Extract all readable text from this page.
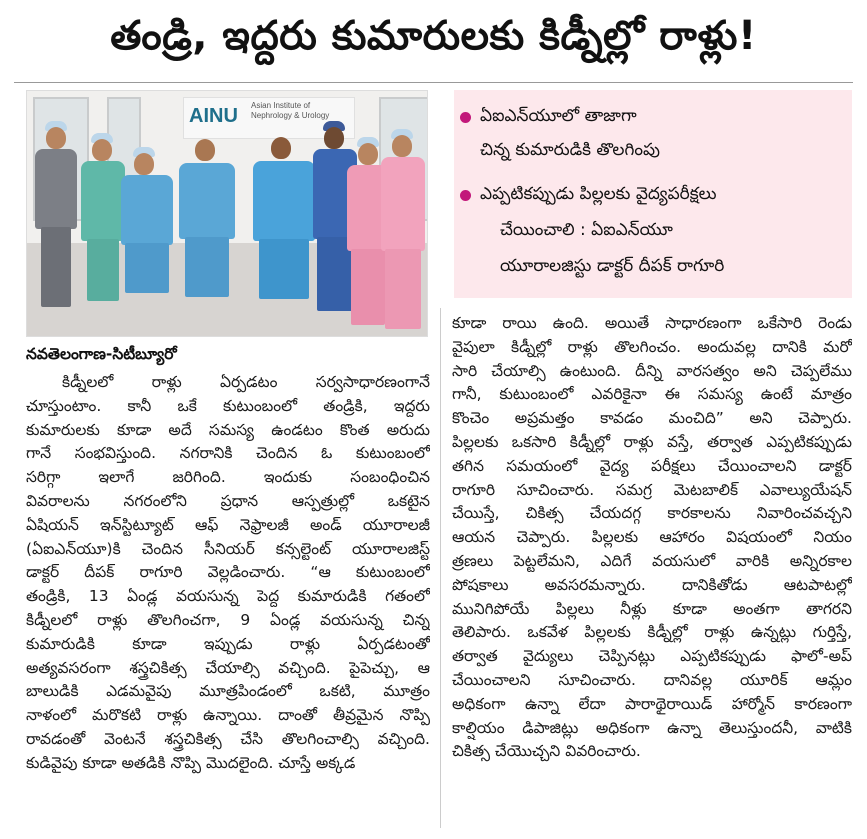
తండ్రి, ఇద్దరు కుమారులకు కిడ్నీల్లో రాళ్లు!
AINU Asian Institute of Nephrology & Urology	ఏఐఎన్‌యూలో తాజాగా
చిన్న కుమారుడికి తొలగింపు
ఎప్పటికప్పుడు పిల్లలకు వైద్యపరీక్షలు
చేయించాలి : ఏఐఎన్‌యూ
యూరాలజిస్టు డాక్టర్ దీపక్ రాగూరి
నవతెలంగాణ-సిటీబ్యూరో
కిడ్నీలలో రాళ్లు ఏర్పడటం సర్వసాధారణంగానే
చూస్తుంటాం. కానీ ఒకే కుటుంబంలో తండ్రికి, ఇద్దరు
కుమారులకు కూడా అదే సమస్య ఉండటం కొంత అరుదు
గానే సంభవిస్తుంది. నగరానికి చెందిన ఓ కుటుంబంలో
సరిగ్గా ఇలాగే జరిగింది. ఇందుకు సంబంధించిన
వివరాలను నగరంలోని ప్రధాన ఆస్పత్రుల్లో ఒకటైన
ఏషియన్ ఇన్‌స్టిట్యూట్ ఆఫ్ నెఫ్రాలజీ అండ్ యూరాలజీ
(ఏఐఎన్‌యూ)కి చెందిన సీనియర్ కన్సల్టెంట్ యూరాలజిస్ట్
డాక్టర్ దీపక్ రాగూరి వెల్లడించారు. “ఆ కుటుంబంలో
తండ్రికి, 13 ఏండ్ల వయసున్న పెద్ద కుమారుడికి గతంలో
కిడ్నీలలో రాళ్లు తొలగించగా, 9 ఏండ్ల వయసున్న చిన్న
కుమారుడికి కూడా ఇప్పుడు రాళ్లు ఏర్పడటంతో
అత్యవసరంగా శస్త్రచికిత్స చేయాల్సి వచ్చింది. పైపెచ్చు, ఆ
బాలుడికి ఎడమవైపు మూత్రపిండంలో ఒకటి, మూత్రం
నాళంలో మరొకటి రాళ్లు ఉన్నాయి. దాంతో తీవ్రమైన నొప్పి
రావడంతో వెంటనే శస్త్రచికిత్స చేసి తొలగించాల్సి వచ్చింది.
కుడివైపు కూడా అతడికి నొప్పి మొదలైంది. చూస్తే అక్కడ
కూడా రాయి ఉంది. అయితే సాధారణంగా ఒకేసారి రెండు
వైపులా కిడ్నీల్లో రాళ్లు తొలగించం. అందువల్ల దానికి మరో
సారి చేయాల్సి ఉంటుంది. దీన్ని వారసత్వం అని చెప్పలేము
గానీ, కుటుంబంలో ఎవరికైనా ఈ సమస్య ఉంటే మాత్రం
కొంచెం అప్రమత్తం కావడం మంచిది” అని చెప్పారు.
పిల్లలకు ఒకసారి కిడ్నీల్లో రాళ్లు వస్తే, తర్వాత ఎప్పటికప్పుడు
తగిన సమయంలో వైద్య పరీక్షలు చేయించాలని డాక్టర్
రాగూరి సూచించారు. సమగ్ర మెటబాలిక్ ఎవాల్యుయేషన్
చేయిస్తే, చికిత్స చేయదగ్గ కారకాలను నివారించవచ్చని
ఆయన చెప్పారు. పిల్లలకు ఆహారం విషయంలో నియం
త్రణలు పెట్టలేమని, ఎదిగే వయసులో వారికి అన్నిరకాల
పోషకాలు అవసరమన్నారు. దానికితోడు ఆటపాటల్లో
మునిగిపోయే పిల్లలు నీళ్లు కూడా అంతగా తాగరని
తెలిపారు. ఒకవేళ పిల్లలకు కిడ్నీల్లో రాళ్లు ఉన్నట్లు గుర్తిస్తే,
తర్వాత వైద్యులు చెప్పినట్లు ఎప్పటికప్పుడు ఫాలో-అప్
చేయించాలని సూచించారు. దానివల్ల యూరిక్ ఆమ్లం
అధికంగా ఉన్నా లేదా పారాథైరాయిడ్ హార్మోన్ కారణంగా
కాల్షియం డిపాజిట్లు అధికంగా ఉన్నా తెలుస్తుందనీ, వాటికి
చికిత్స చేయొచ్చని వివరించారు.
